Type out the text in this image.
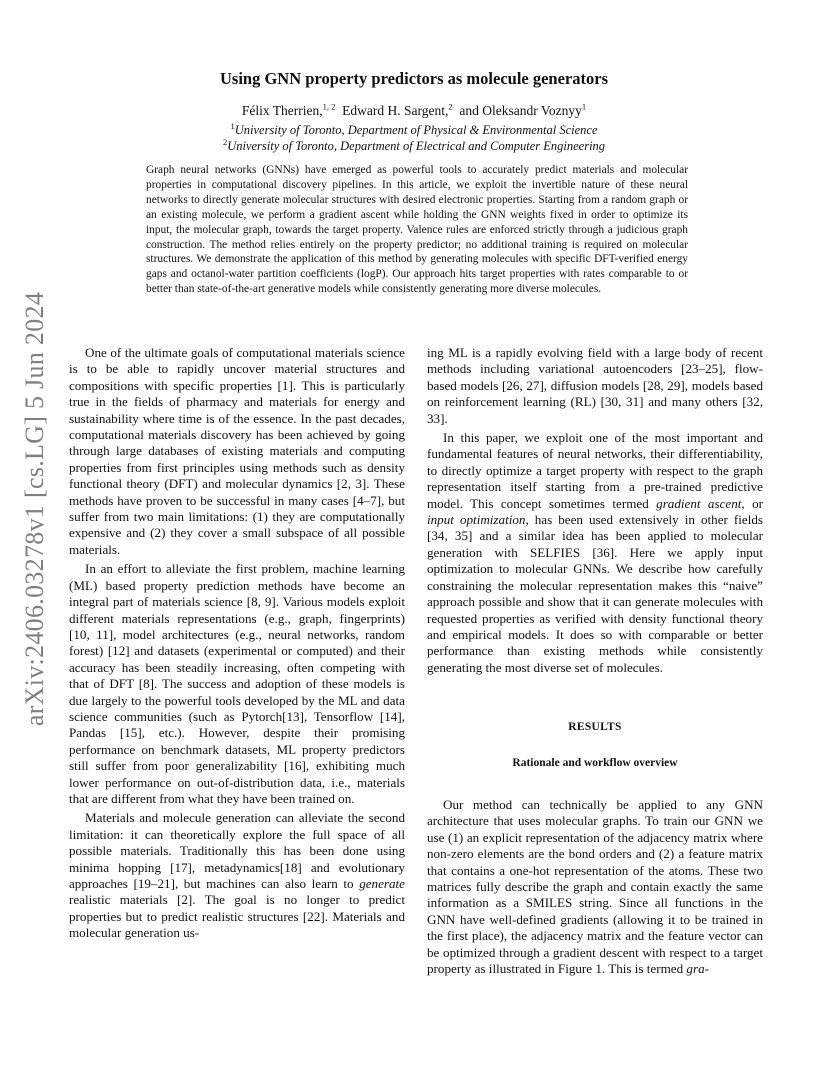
arXiv:2406.03278v1 [cs.LG] 5 Jun 2024
Using GNN property predictors as molecule generators
Félix Therrien,$^{1, 2}$ Edward H. Sargent,$^2$ and Oleksandr Voznyy$^1$
$^1$University of Toronto, Department of Physical & Environmental Science
$^2$University of Toronto, Department of Electrical and Computer Engineering
Graph neural networks (GNNs) have emerged as powerful tools to accurately predict materials and molecular properties in computational discovery pipelines. In this article, we exploit the invertible nature of these neural networks to directly generate molecular structures with desired electronic properties. Starting from a random graph or an existing molecule, we perform a gradient ascent while holding the GNN weights fixed in order to optimize its input, the molecular graph, towards the target property. Valence rules are enforced strictly through a judicious graph construction. The method relies entirely on the property predictor; no additional training is required on molecular structures. We demonstrate the application of this method by generating molecules with specific DFT-verified energy gaps and octanol-water partition coefficients (logP). Our approach hits target properties with rates comparable to or better than state-of-the-art generative models while consistently generating more diverse molecules.

One of the ultimate goals of computational materials science is to be able to rapidly uncover material structures and compositions with specific properties [1]. This is particularly true in the fields of pharmacy and materials for energy and sustainability where time is of the essence. In the past decades, computational materials discovery has been achieved by going through large databases of existing materials and computing properties from first principles using methods such as density functional theory (DFT) and molecular dynamics [2, 3]. These methods have proven to be successful in many cases [4–7], but suffer from two main limitations: (1) they are computationally expensive and (2) they cover a small subspace of all possible materials.

In an effort to alleviate the first problem, machine learning (ML) based property prediction methods have become an integral part of materials science [8, 9]. Various models exploit different materials representations (e.g., graph, fingerprints) [10, 11], model architectures (e.g., neural networks, random forest) [12] and datasets (experimental or computed) and their accuracy has been steadily increasing, often competing with that of DFT [8]. The success and adoption of these models is due largely to the powerful tools developed by the ML and data science communities (such as Pytorch[13], Tensorflow [14], Pandas [15], etc.). However, despite their promising performance on benchmark datasets, ML property predictors still suffer from poor generalizability [16], exhibiting much lower performance on out-of-distribution data, i.e., materials that are different from what they have been trained on.

Materials and molecule generation can alleviate the second limitation: it can theoretically explore the full space of all possible materials. Traditionally this has been done using minima hopping [17], metadynamics[18] and evolutionary approaches [19–21], but machines can also learn to generate realistic materials [2]. The goal is no longer to predict properties but to predict realistic structures [22]. Materials and molecular generation us-

ing ML is a rapidly evolving field with a large body of recent methods including variational autoencoders [23–25], flow-based models [26, 27], diffusion models [28, 29], models based on reinforcement learning (RL) [30, 31] and many others [32, 33].

In this paper, we exploit one of the most important and fundamental features of neural networks, their differentiability, to directly optimize a target property with respect to the graph representation itself starting from a pre-trained predictive model. This concept sometimes termed gradient ascent, or input optimization, has been used extensively in other fields [34, 35] and a similar idea has been applied to molecular generation with SELFIES [36]. Here we apply input optimization to molecular GNNs. We describe how carefully constraining the molecular representation makes this “naive” approach possible and show that it can generate molecules with requested properties as verified with density functional theory and empirical models. It does so with comparable or better performance than existing methods while consistently generating the most diverse set of molecules.

RESULTS
Rationale and workflow overview

Our method can technically be applied to any GNN architecture that uses molecular graphs. To train our GNN we use (1) an explicit representation of the adjacency matrix where non-zero elements are the bond orders and (2) a feature matrix that contains a one-hot representation of the atoms. These two matrices fully describe the graph and contain exactly the same information as a SMILES string. Since all functions in the GNN have well-defined gradients (allowing it to be trained in the first place), the adjacency matrix and the feature vector can be optimized through a gradient descent with respect to a target property as illustrated in Figure 1. This is termed gra-
